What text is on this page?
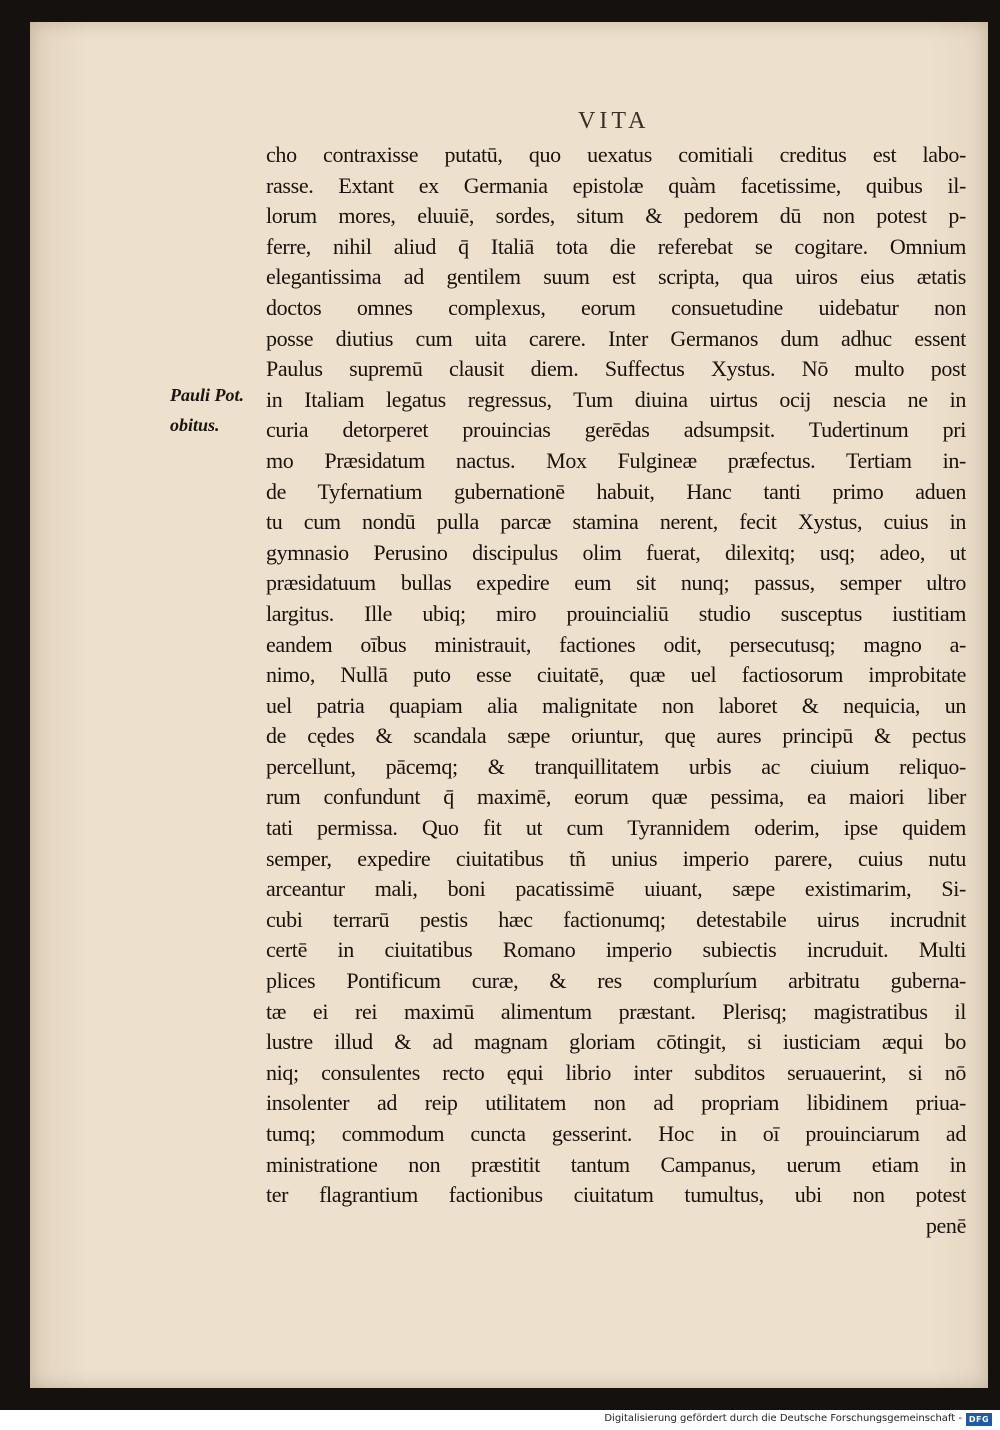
VITA
Pauli Pot.
obitus.
cho contraxisse putatū, quo uexatus comitiali creditus est labo-
rasse. Extant ex Germania epistolæ quàm facetissime, quibus il-
lorum mores, eluuiē, sordes, situm & pedorem dū non potest p-
ferre, nihil aliud q̄ Italiā tota die referebat se cogitare. Omnium
elegantissima ad gentilem suum est scripta, qua uiros eius ætatis
doctos omnes complexus, eorum consuetudine uidebatur non
posse diutius cum uita carere. Inter Germanos dum adhuc essent
Paulus supremū clausit diem. Suffectus Xystus. Nō multo post
in Italiam legatus regressus, Tum diuina uirtus ocij nescia ne in
curia detorperet prouincias gerēdas adsumpsit. Tudertinum pri
mo Præsidatum nactus. Mox Fulgineæ præfectus. Tertiam in-
de Tyfernatium gubernationē habuit, Hanc tanti primo aduen
tu cum nondū pulla parcæ stamina nerent, fecit Xystus, cuius in
gymnasio Perusino discipulus olim fuerat, dilexitq; usq; adeo, ut
præsidatuum bullas expedire eum sit nunq; passus, semper ultro
largitus. Ille ubiq; miro prouincialiū studio susceptus iustitiam
eandem oībus ministrauit, factiones odit, persecutusq; magno a-
nimo, Nullā puto esse ciuitatē, quæ uel factiosorum improbitate
uel patria quapiam alia malignitate non laboret & nequicia, un
de cędes & scandala sæpe oriuntur, quę aures principū & pectus
percellunt, pācemq; & tranquillitatem urbis ac ciuium reliquo-
rum confundunt q̄ maximē, eorum quæ pessima, ea maiori liber
tati permissa. Quo fit ut cum Tyrannidem oderim, ipse quidem
semper, expedire ciuitatibus tñ unius imperio parere, cuius nutu
arceantur mali, boni pacatissimē uiuant, sæpe existimarim, Si-
cubi terrarū pestis hæc factionumq; detestabile uirus incrudnit
certē in ciuitatibus Romano imperio subiectis incruduit. Multi
plices Pontificum curæ, & res compluríum arbitratu guberna-
tæ ei rei maximū alimentum præstant. Plerisq; magistratibus il
lustre illud & ad magnam gloriam cōtingit, si iusticiam æqui bo
niq; consulentes recto ęqui librio inter subditos seruauerint, si nō
insolenter ad reip utilitatem non ad propriam libidinem priua-
tumq; commodum cuncta gesserint. Hoc in oī prouinciarum ad
ministratione non præstitit tantum Campanus, uerum etiam in
ter flagrantium factionibus ciuitatum tumultus, ubi non potest
penē
Digitalisierung gefördert durch die Deutsche Forschungsgemeinschaft - DFG
